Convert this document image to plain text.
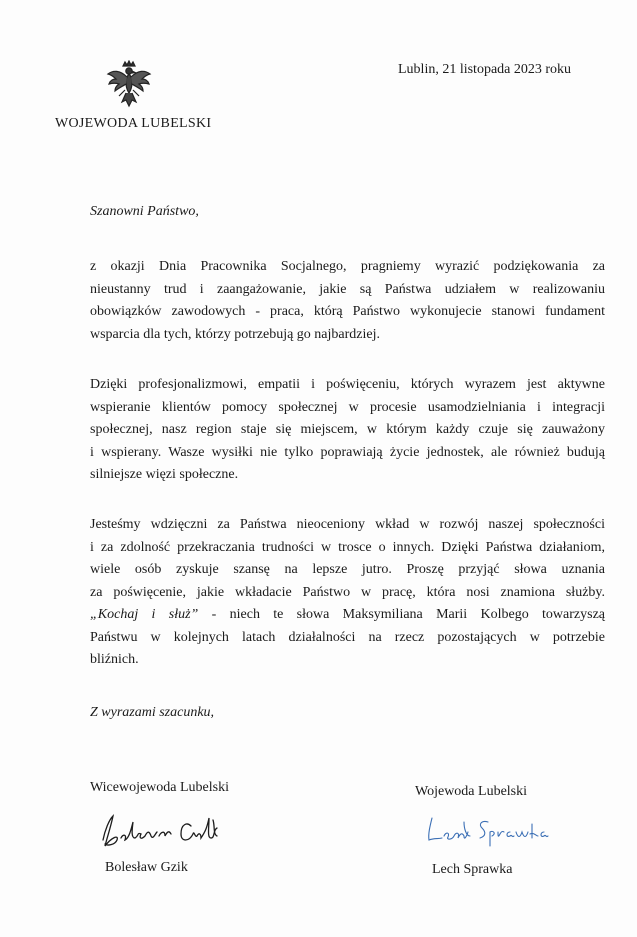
WOJEWODA LUBELSKI
Lublin, 21 listopada 2023 roku
Szanowni Państwo,

z okazji Dnia Pracownika Socjalnego, pragniemy wyrazić podziękowania za
nieustanny trud i zaangażowanie, jakie są Państwa udziałem w realizowaniu
obowiązków zawodowych - praca, którą Państwo wykonujecie stanowi fundament
wsparcia dla tych, którzy potrzebują go najbardziej.

Dzięki profesjonalizmowi, empatii i poświęceniu, których wyrazem jest aktywne
wspieranie klientów pomocy społecznej w procesie usamodzielniania i integracji
społecznej, nasz region staje się miejscem, w którym każdy czuje się zauważony
i wspierany. Wasze wysiłki nie tylko poprawiają życie jednostek, ale również budują
silniejsze więzi społeczne.

Jesteśmy wdzięczni za Państwa nieoceniony wkład w rozwój naszej społeczności
i za zdolność przekraczania trudności w trosce o innych. Dzięki Państwa działaniom,
wiele osób zyskuje szansę na lepsze jutro. Proszę przyjąć słowa uznania
za poświęcenie, jakie wkładacie Państwo w pracę, która nosi znamiona służby.
„Kochaj i służ” - niech te słowa Maksymiliana Marii Kolbego towarzyszą
Państwu w kolejnych latach działalności na rzecz pozostających w potrzebie
bliźnich.

Z wyrazami szacunku,
Wicewojewoda Lubelski
Bolesław Gzik
Wojewoda Lubelski
Lech Sprawka
